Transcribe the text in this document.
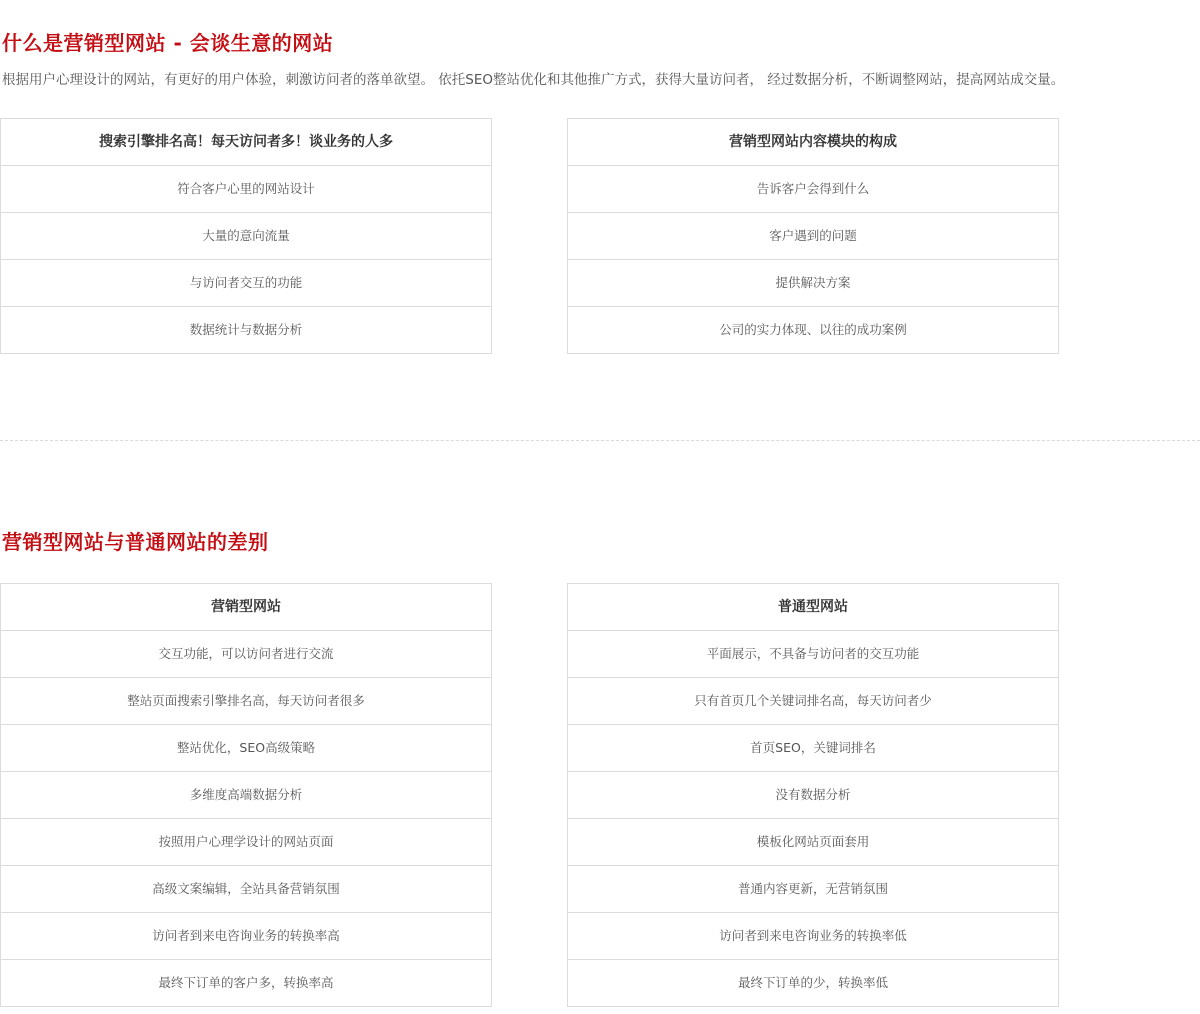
什么是营销型网站 - 会谈生意的网站

根据用户心理设计的网站，有更好的用户体验，刺激访问者的落单欲望。 依托SEO整站优化和其他推广方式，获得大量访问者， 经过数据分析，不断调整网站，提高网站成交量。

搜索引擎排名高！每天访问者多！谈业务的人多
符合客户心里的网站设计
大量的意向流量
与访问者交互的功能
数据统计与数据分析
营销型网站内容模块的构成
告诉客户会得到什么
客户遇到的问题
提供解决方案
公司的实力体现、以往的成功案例
营销型网站与普通网站的差别
营销型网站
交互功能，可以访问者进行交流
整站页面搜索引擎排名高，每天访问者很多
整站优化，SEO高级策略
多维度高端数据分析
按照用户心理学设计的网站页面
高级文案编辑，全站具备营销氛围
访问者到来电咨询业务的转换率高
最终下订单的客户多，转换率高
普通型网站
平面展示，不具备与访问者的交互功能
只有首页几个关键词排名高，每天访问者少
首页SEO，关键词排名
没有数据分析
模板化网站页面套用
普通内容更新，无营销氛围
访问者到来电咨询业务的转换率低
最终下订单的少，转换率低
